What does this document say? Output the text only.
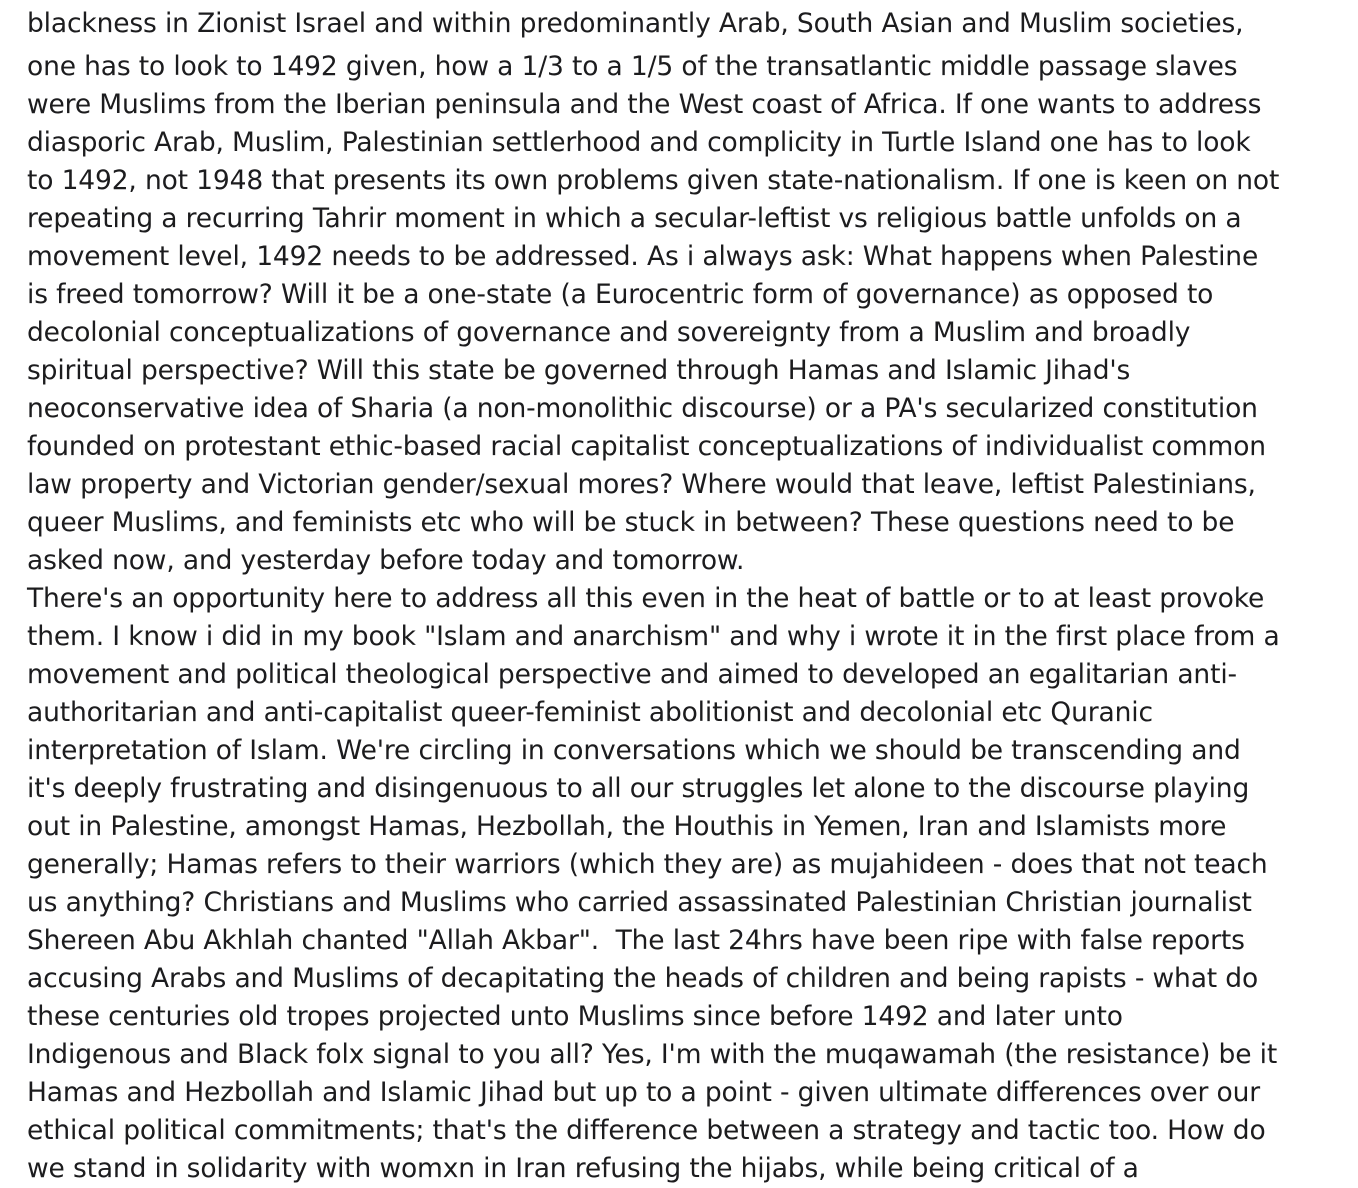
blackness in Zionist Israel and within predominantly Arab, South Asian and Muslim societies,
one has to look to 1492 given, how a 1/3 to a 1/5 of the transatlantic middle passage slaves
were Muslims from the Iberian peninsula and the West coast of Africa. If one wants to address
diasporic Arab, Muslim, Palestinian settlerhood and complicity in Turtle Island one has to look
to 1492, not 1948 that presents its own problems given state-nationalism. If one is keen on not
repeating a recurring Tahrir moment in which a secular-leftist vs religious battle unfolds on a
movement level, 1492 needs to be addressed. As i always ask: What happens when Palestine
is freed tomorrow? Will it be a one-state (a Eurocentric form of governance) as opposed to
decolonial conceptualizations of governance and sovereignty from a Muslim and broadly
spiritual perspective? Will this state be governed through Hamas and Islamic Jihad's
neoconservative idea of Sharia (a non-monolithic discourse) or a PA's secularized constitution
founded on protestant ethic-based racial capitalist conceptualizations of individualist common
law property and Victorian gender/sexual mores? Where would that leave, leftist Palestinians,
queer Muslims, and feminists etc who will be stuck in between? These questions need to be
asked now, and yesterday before today and tomorrow.
There's an opportunity here to address all this even in the heat of battle or to at least provoke
them. I know i did in my book "Islam and anarchism" and why i wrote it in the first place from a
movement and political theological perspective and aimed to developed an egalitarian anti-
authoritarian and anti-capitalist queer-feminist abolitionist and decolonial etc Quranic
interpretation of Islam. We're circling in conversations which we should be transcending and
it's deeply frustrating and disingenuous to all our struggles let alone to the discourse playing
out in Palestine, amongst Hamas, Hezbollah, the Houthis in Yemen, Iran and Islamists more
generally; Hamas refers to their warriors (which they are) as mujahideen - does that not teach
us anything? Christians and Muslims who carried assassinated Palestinian Christian journalist
Shereen Abu Akhlah chanted "Allah Akbar".  The last 24hrs have been ripe with false reports
accusing Arabs and Muslims of decapitating the heads of children and being rapists - what do
these centuries old tropes projected unto Muslims since before 1492 and later unto
Indigenous and Black folx signal to you all? Yes, I'm with the muqawamah (the resistance) be it
Hamas and Hezbollah and Islamic Jihad but up to a point - given ultimate differences over our
ethical political commitments; that's the difference between a strategy and tactic too. How do
we stand in solidarity with womxn in Iran refusing the hijabs, while being critical of a
